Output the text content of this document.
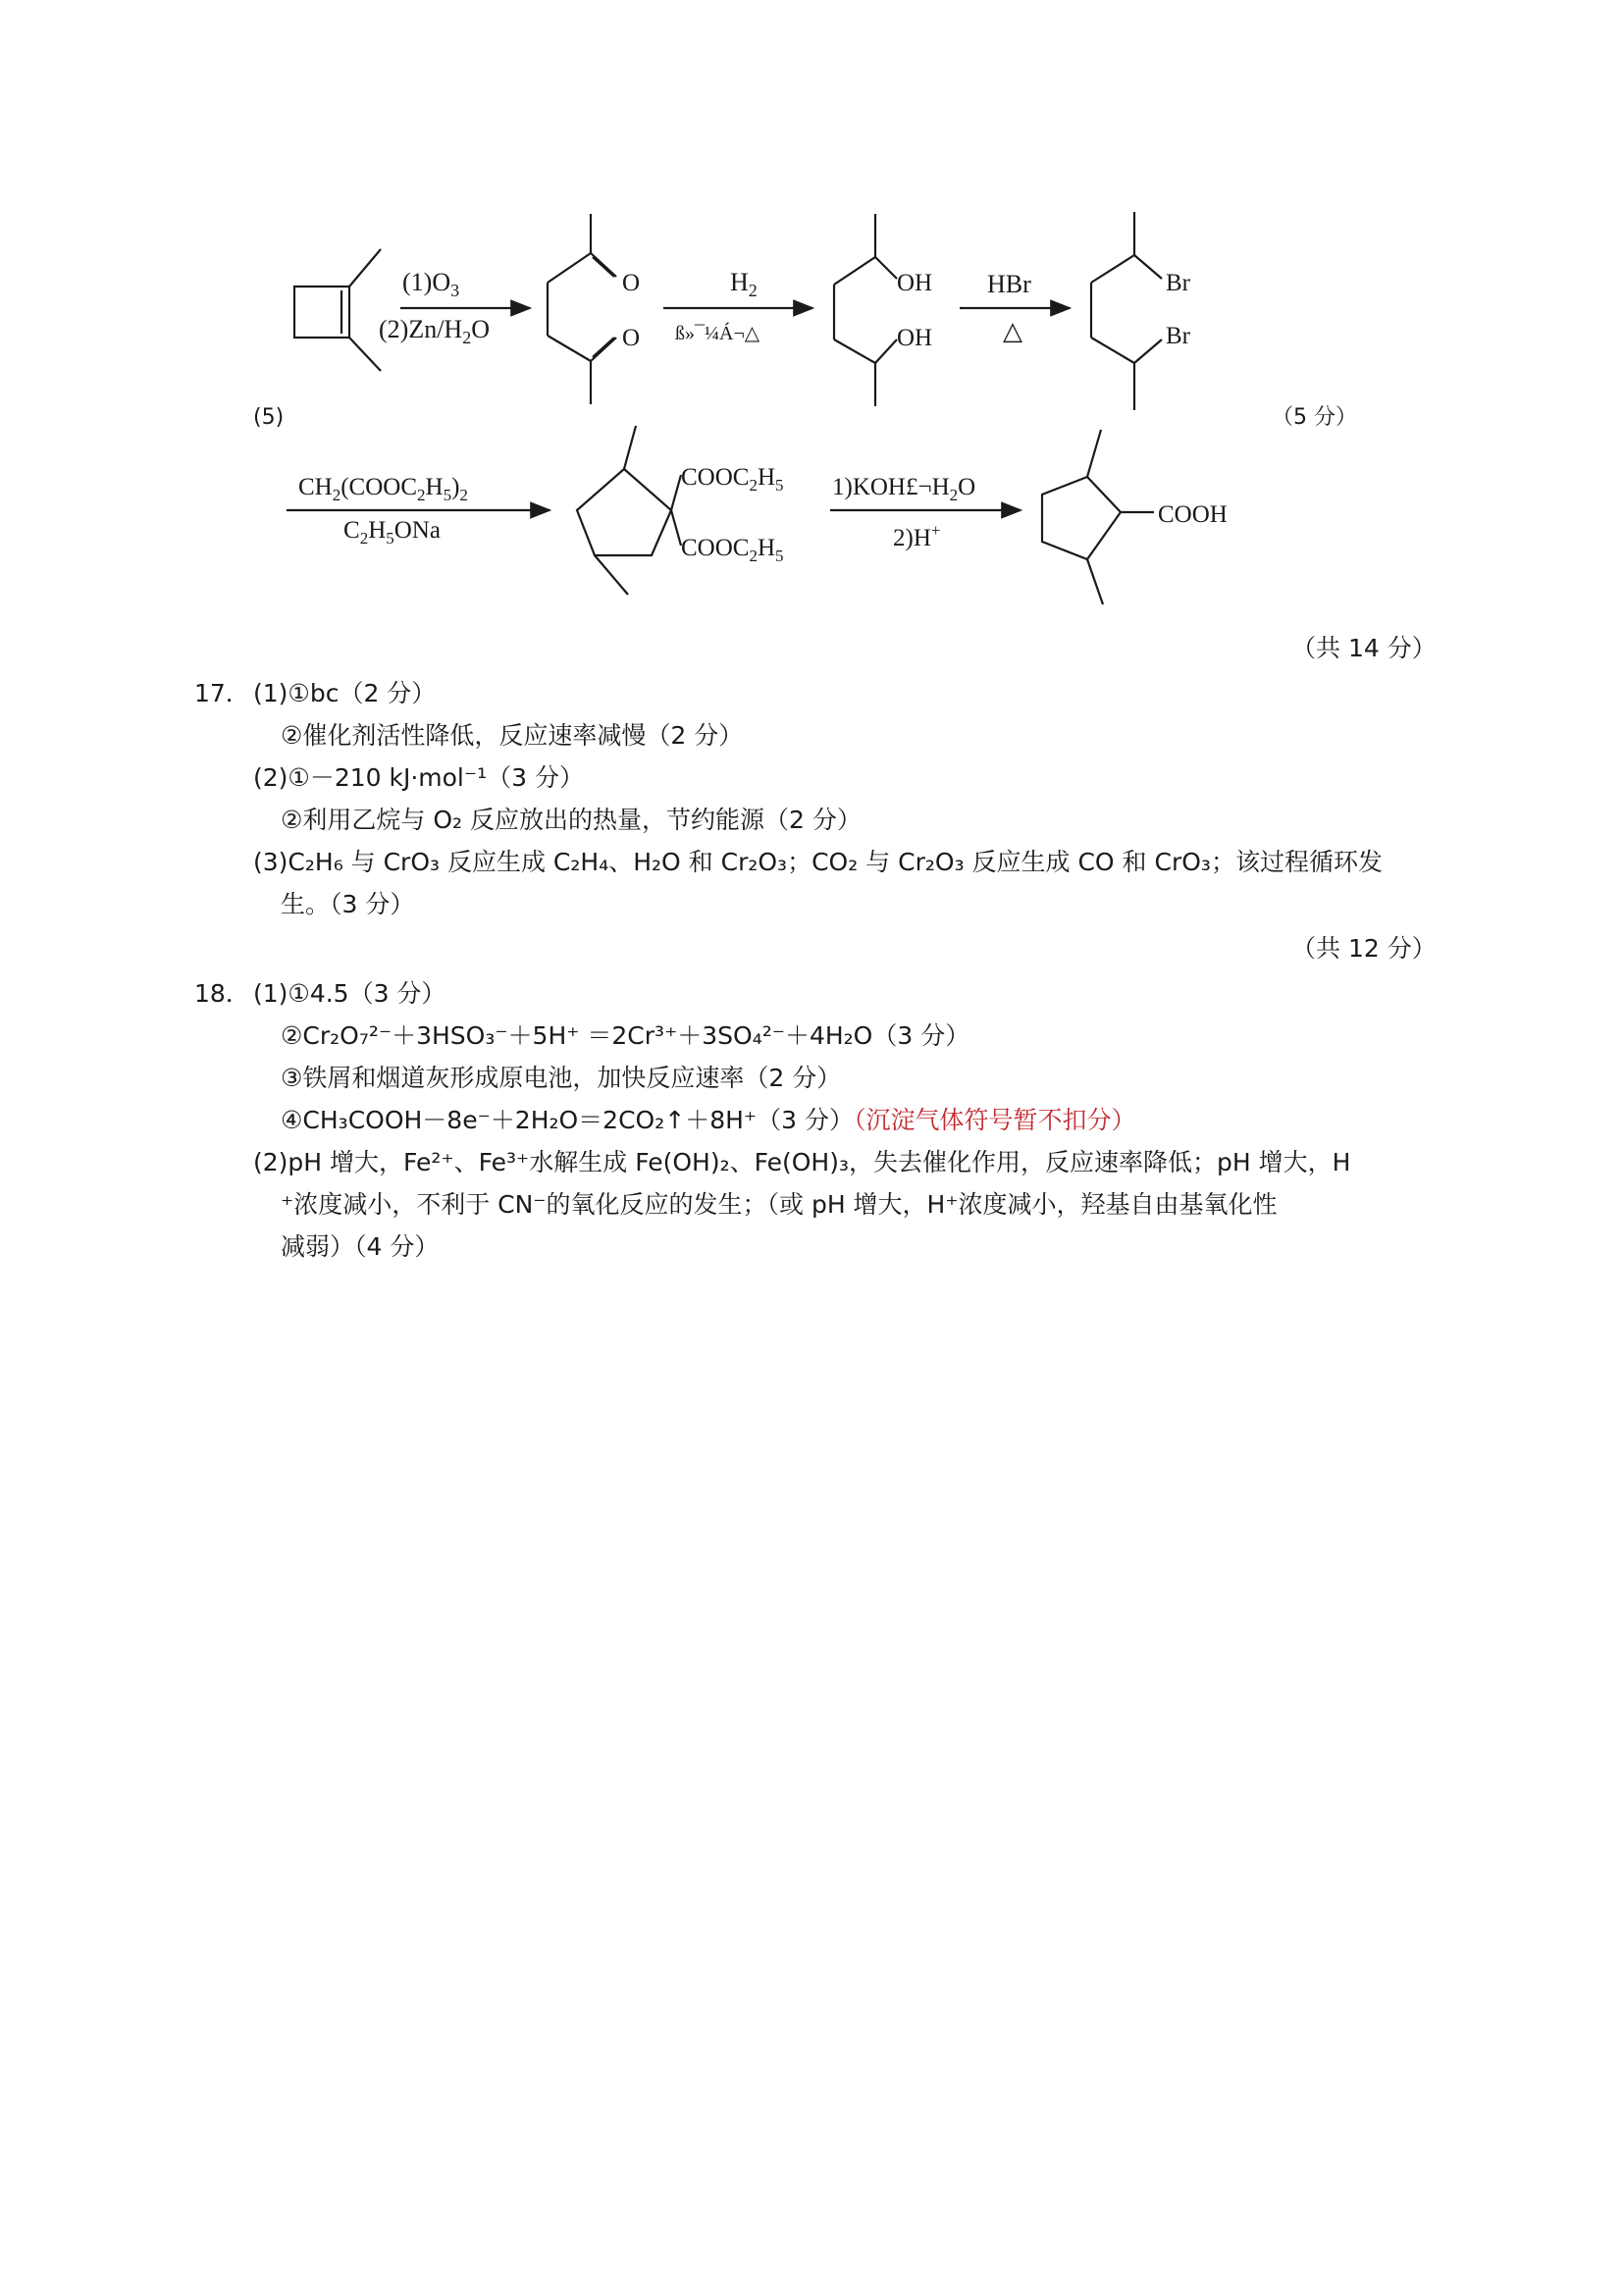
$(1)O_3$
$(2)Zn/H_2O$
O
O
$H_2$
ß»¯¼Á¬△
OH
OH
HBr
△
Br
Br
(5)	（5 分）
$CH_2(COOC_2H_5)_2$
$C_2H_5ONa$
$COOC_2H_5$
$COOC_2H_5$
$1)KOH£\neg H_2O$
2)H+
COOH
（共 14 分）
17． (1)①bc（2 分）
②催化剂活性降低，反应速率减慢（2 分）
(2)①－210 kJ·mol⁻¹（3 分）
②利用乙烷与 O₂ 反应放出的热量，节约能源（2 分）
(3)C₂H₆ 与 CrO₃ 反应生成 C₂H₄、H₂O 和 Cr₂O₃；CO₂ 与 Cr₂O₃ 反应生成 CO 和 CrO₃；该过程循环发
生。（3 分）
（共 12 分）
18． (1)①4.5（3 分）
②Cr₂O₇²⁻＋3HSO₃⁻＋5H⁺ ＝2Cr³⁺＋3SO₄²⁻＋4H₂O（3 分）
③铁屑和烟道灰形成原电池，加快反应速率（2 分）
④CH₃COOH－8e⁻＋2H₂O＝2CO₂↑＋8H⁺（3 分）（沉淀气体符号暂不扣分）
(2)pH 增大，Fe²⁺、Fe³⁺水解生成 Fe(OH)₂、Fe(OH)₃，失去催化作用，反应速率降低；pH 增大，H
⁺浓度减小，不利于 CN⁻的氧化反应的发生；（或 pH 增大，H⁺浓度减小，羟基自由基氧化性
减弱）（4 分）
